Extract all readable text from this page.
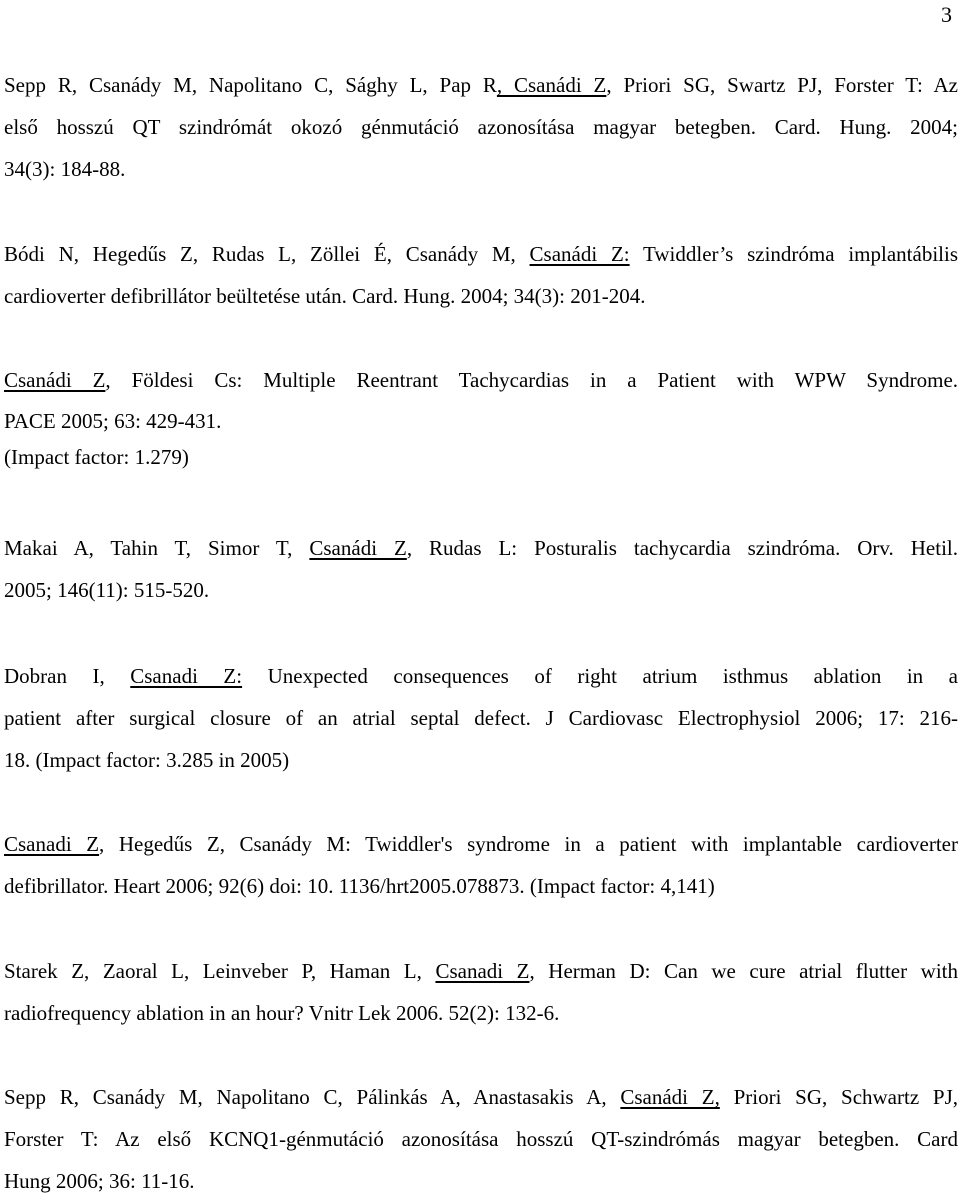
3
Sepp R, Csanády M, Napolitano C, Sághy L, Pap R, Csanádi Z, Priori SG, Swartz PJ, Forster T: Az
első hosszú QT szindrómát okozó génmutáció azonosítása magyar betegben. Card. Hung. 2004;
34(3): 184-88.
Bódi N, Hegedűs Z, Rudas L, Zöllei É, Csanády M, Csanádi Z: Twiddler’s szindróma implantábilis
cardioverter defibrillátor beültetése után. Card. Hung. 2004; 34(3): 201-204.
Csanádi Z, Földesi Cs: Multiple Reentrant Tachycardias in a Patient with WPW Syndrome.
PACE 2005; 63: 429-431.
(Impact factor: 1.279)
Makai A, Tahin T, Simor T, Csanádi Z, Rudas L: Posturalis tachycardia szindróma. Orv. Hetil.
2005; 146(11): 515-520.
Dobran I, Csanadi Z: Unexpected consequences of right atrium isthmus ablation in a
patient after surgical closure of an atrial septal defect. J Cardiovasc Electrophysiol 2006; 17: 216-
18. (Impact factor: 3.285 in 2005)
Csanadi Z, Hegedűs Z, Csanády M: Twiddler's syndrome in a patient with implantable cardioverter
defibrillator. Heart 2006; 92(6) doi: 10. 1136/hrt2005.078873. (Impact factor: 4,141)
Starek Z, Zaoral L, Leinveber P, Haman L, Csanadi Z, Herman D: Can we cure atrial flutter with
radiofrequency ablation in an hour? Vnitr Lek 2006. 52(2): 132-6.
Sepp R, Csanády M, Napolitano C, Pálinkás A, Anastasakis A, Csanádi Z, Priori SG, Schwartz PJ,
Forster T: Az első KCNQ1-génmutáció azonosítása hosszú QT-szindrómás magyar betegben. Card
Hung 2006; 36: 11-16.
